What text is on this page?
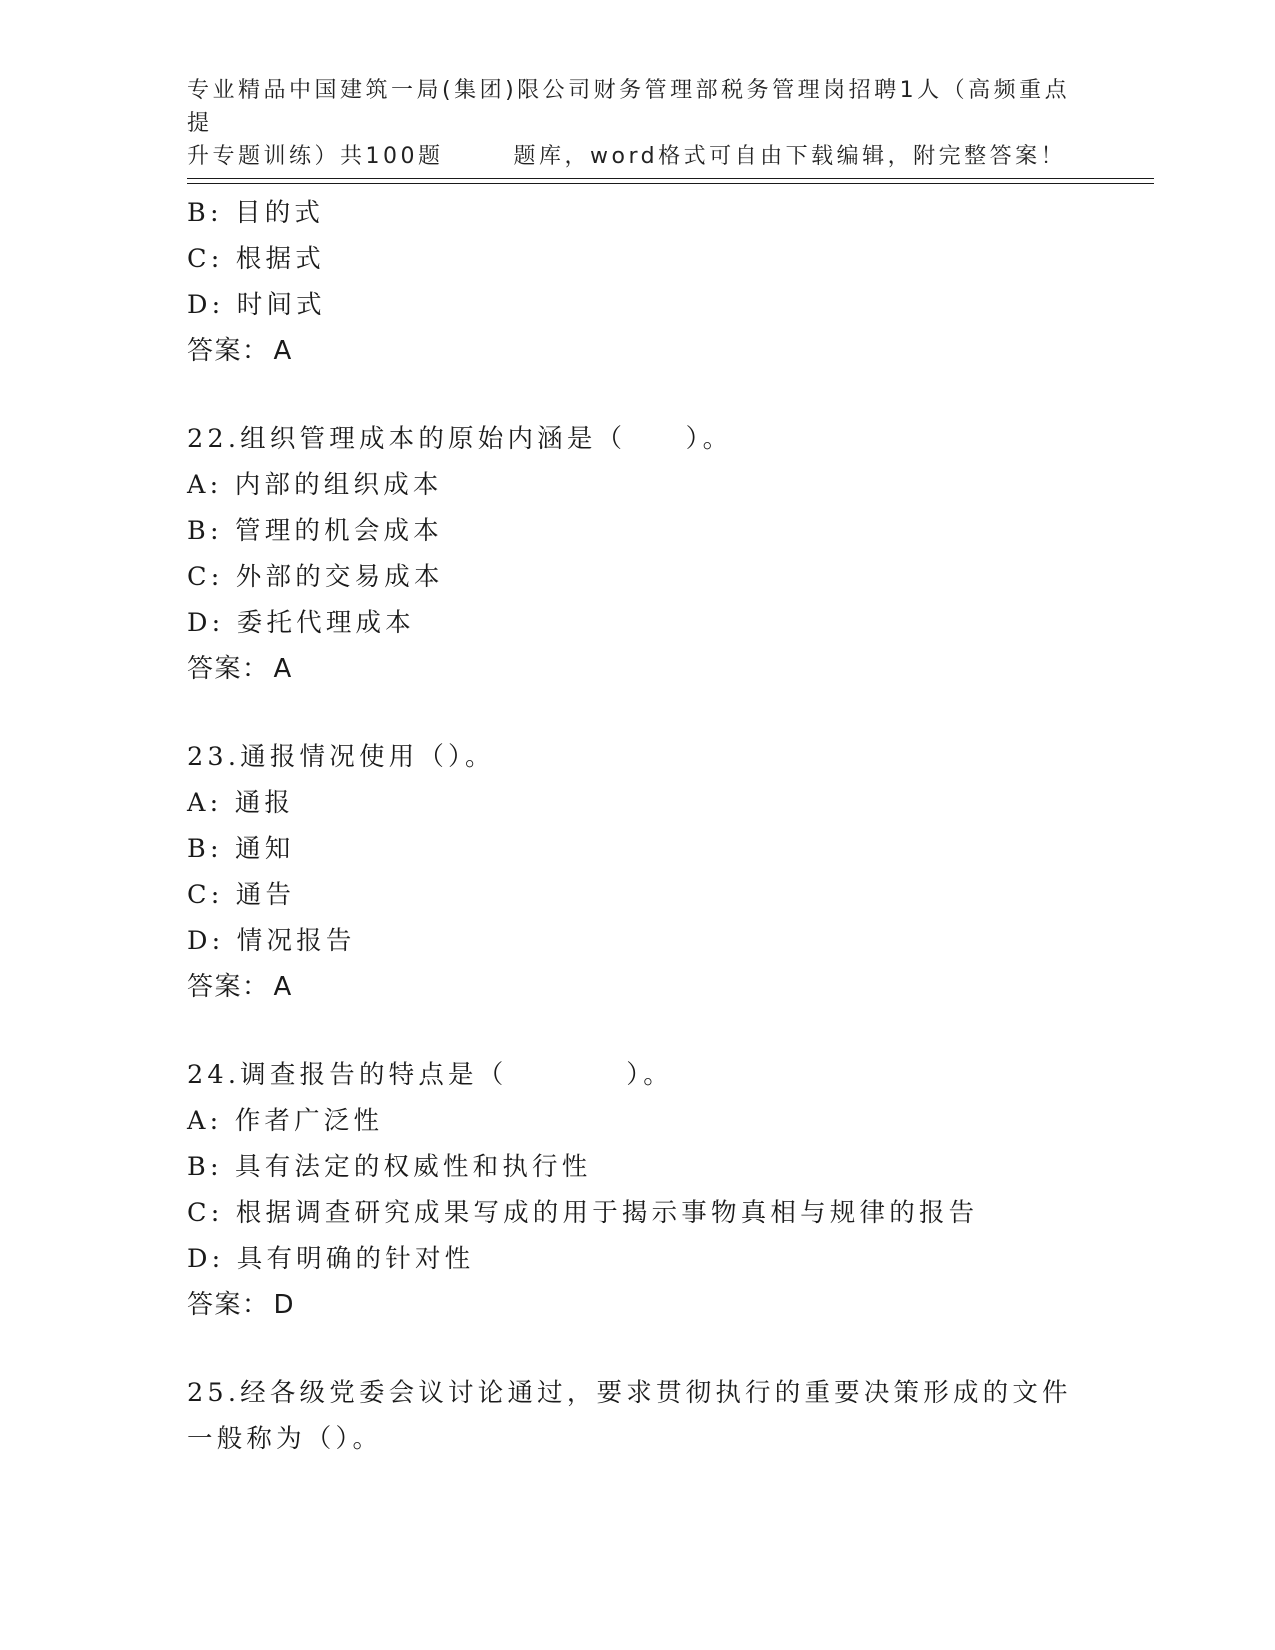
专业精品中国建筑一局(集团)限公司财务管理部税务管理岗招聘1人（高频重点提
升专题训练）共100题	题库，word格式可自由下载编辑，附完整答案！
B: 目的式
C: 根据式
D: 时间式
答案： A
22.组织管理成本的原始内涵是（　　）。
A: 内部的组织成本
B: 管理的机会成本
C: 外部的交易成本
D: 委托代理成本
答案： A
23.通报情况使用（）。
A: 通报
B: 通知
C: 通告
D: 情况报告
答案： A
24.调查报告的特点是（　　　　）。
A: 作者广泛性
B: 具有法定的权威性和执行性
C: 根据调查研究成果写成的用于揭示事物真相与规律的报告
D: 具有明确的针对性
答案： D
25.经各级党委会议讨论通过，要求贯彻执行的重要决策形成的文件一般称为（）。
